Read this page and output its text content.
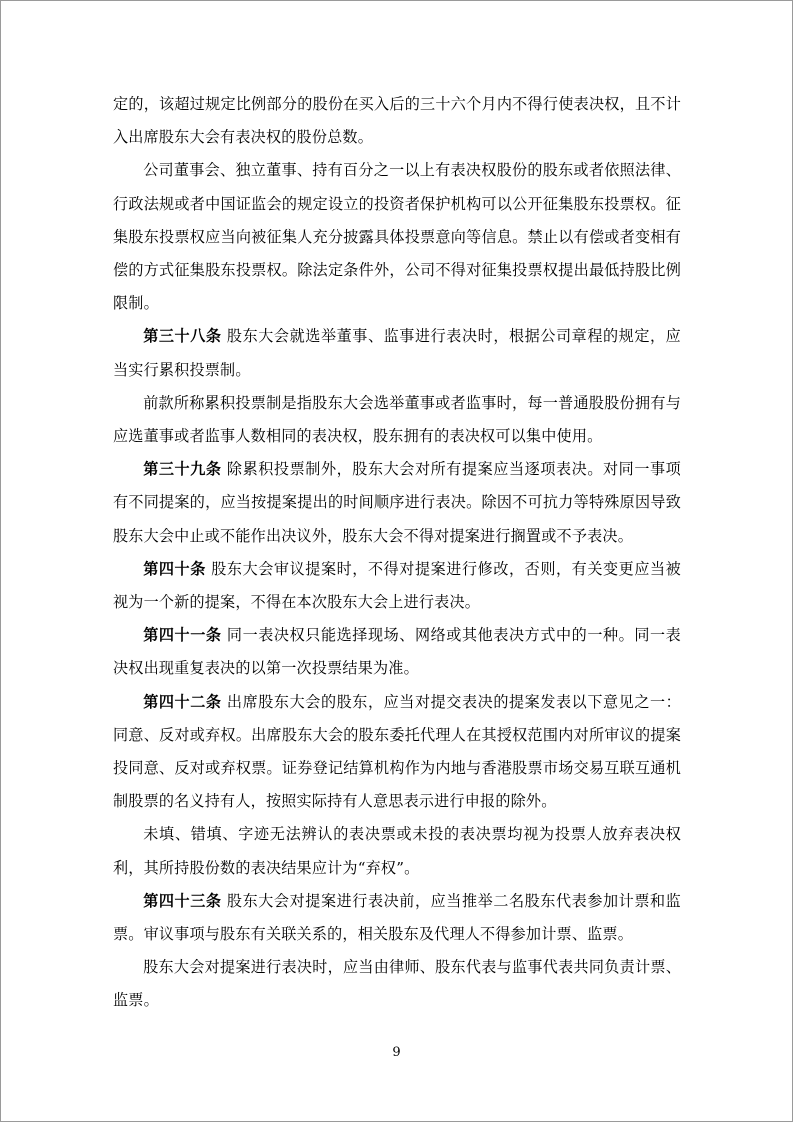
定的，该超过规定比例部分的股份在买入后的三十六个月内不得行使表决权，且不计入出席股东大会有表决权的股份总数。

公司董事会、独立董事、持有百分之一以上有表决权股份的股东或者依照法律、行政法规或者中国证监会的规定设立的投资者保护机构可以公开征集股东投票权。征集股东投票权应当向被征集人充分披露具体投票意向等信息。禁止以有偿或者变相有偿的方式征集股东投票权。除法定条件外，公司不得对征集投票权提出最低持股比例限制。

第三十八条 股东大会就选举董事、监事进行表决时，根据公司章程的规定，应当实行累积投票制。

前款所称累积投票制是指股东大会选举董事或者监事时，每一普通股股份拥有与应选董事或者监事人数相同的表决权，股东拥有的表决权可以集中使用。

第三十九条 除累积投票制外，股东大会对所有提案应当逐项表决。对同一事项有不同提案的，应当按提案提出的时间顺序进行表决。除因不可抗力等特殊原因导致股东大会中止或不能作出决议外，股东大会不得对提案进行搁置或不予表决。

第四十条 股东大会审议提案时，不得对提案进行修改，否则，有关变更应当被视为一个新的提案，不得在本次股东大会上进行表决。

第四十一条 同一表决权只能选择现场、网络或其他表决方式中的一种。同一表决权出现重复表决的以第一次投票结果为准。

第四十二条 出席股东大会的股东，应当对提交表决的提案发表以下意见之一：同意、反对或弃权。出席股东大会的股东委托代理人在其授权范围内对所审议的提案投同意、反对或弃权票。证券登记结算机构作为内地与香港股票市场交易互联互通机制股票的名义持有人，按照实际持有人意思表示进行申报的除外。

未填、错填、字迹无法辨认的表决票或未投的表决票均视为投票人放弃表决权利，其所持股份数的表决结果应计为“弃权”。

第四十三条 股东大会对提案进行表决前，应当推举二名股东代表参加计票和监票。审议事项与股东有关联关系的，相关股东及代理人不得参加计票、监票。

股东大会对提案进行表决时，应当由律师、股东代表与监事代表共同负责计票、监票。

9
